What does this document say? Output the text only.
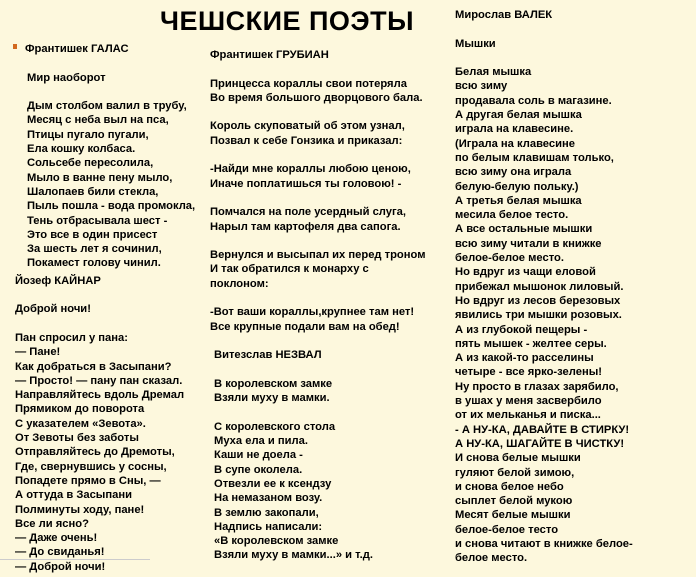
ЧЕШСКИЕ ПОЭТЫ
Франтишек ГАЛАС
Мир наоборот
Дым столбом валил в трубу,
Месяц с неба выл на пса,
Птицы пугало пугали,
Ела кошку колбаса.
Сольсебе пересолила,
Мыло в ванне пену мыло,
Шалопаев били стекла,
Пыль пошла - вода промокла,
Тень отбрасывала шест -
Это все в один присест
За шесть лет я сочинил,
Покамест голову чинил.
Йозеф КАЙНАР
Доброй ночи!
Пан спросил у пана:
— Пане!
Как добраться в Засыпани?
— Просто! — пану пан сказал.
Направляйтесь вдоль Дремал
Прямиком до поворота
С указателем «Зевота».
От Зевоты без заботы
Отправляйтесь до Дремоты,
Где, свернувшись у сосны,
Попадете прямо в Сны, —
А оттуда в Засыпани
Полминуты ходу, пане!
Все ли ясно?
— Даже очень!
— До свиданья!
— Доброй ночи!
Франтишек ГРУБИАН
Принцесса кораллы свои потеряла
Во время большого дворцового бала.
Король скуповатый об этом узнал,
Позвал к себе Гонзика и приказал:
-Найди мне кораллы любою ценою,
Иначе поплатишься ты головою! -
Помчался на поле усердный слуга,
Нарыл там картофеля два сапога.
Вернулся и высыпал их перед троном
И так обратился к монарху с
поклоном:
-Вот ваши кораллы,крупнее там нет!
Все крупные подали вам на обед!
Витезслав НЕЗВАЛ
В королевском замке
Взяли муху в мамки.
С королевского стола
Муха ела и пила.
Каши не доела -
В супе околела.
Отвезли ее к ксендзу
На немазаном возу.
В землю закопали,
Надпись написали:
«В королевском замке
Взяли муху в мамки...» и т.д.
Мирослав ВАЛЕК
Мышки
Белая мышка
всю зиму
продавала соль в магазине.
А другая белая мышка
играла на клавесине.
(Играла на клавесине
по белым клавишам только,
всю зиму она играла
белую-белую польку.)
А третья белая мышка
месила белое тесто.
А все остальные мышки
всю зиму читали в книжке
белое-белое место.
Но вдруг из чащи еловой
прибежал мышонок лиловый.
Но вдруг из лесов березовых
явились три мышки розовых.
А из глубокой пещеры -
пять мышек - желтее серы.
А из какой-то расселины
четыре - все ярко-зелены!
Ну просто в глазах зарябило,
в ушах у меня засвербило
от их мельканья и писка...
- А НУ-КА, ДАВАЙТЕ В СТИРКУ!
А НУ-КА, ШАГАЙТЕ В ЧИСТКУ!
И снова белые мышки
гуляют белой зимою,
и снова белое небо
сыплет белой мукою
Месят белые мышки
белое-белое тесто
и снова читают в книжке белое-
белое место.
